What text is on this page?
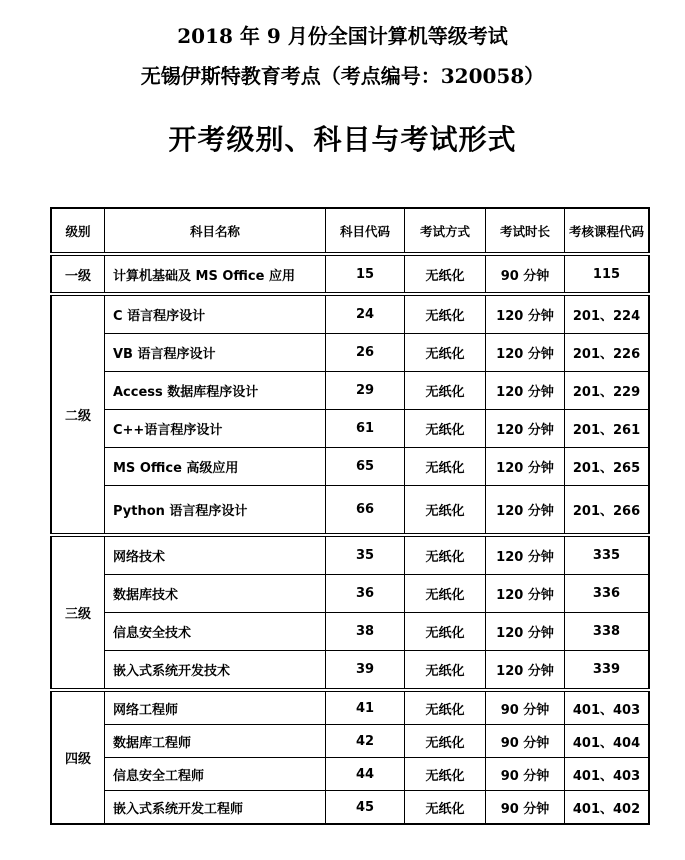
2018 年 9 月份全国计算机等级考试
无锡伊斯特教育考点（考点编号：320058）
开考级别、科目与考试形式
级别	科目名称	科目代码	考试方式	考试时长	考核课程代码
一级	计算机基础及 MS Office 应用	15	无纸化	90 分钟	115
二级	C 语言程序设计	24	无纸化	120 分钟	201、224
	VB 语言程序设计	26	无纸化	120 分钟	201、226
	Access 数据库程序设计	29	无纸化	120 分钟	201、229
	C++语言程序设计	61	无纸化	120 分钟	201、261
	MS Office 高级应用	65	无纸化	120 分钟	201、265
	Python 语言程序设计	66	无纸化	120 分钟	201、266
三级	网络技术	35	无纸化	120 分钟	335
	数据库技术	36	无纸化	120 分钟	336
	信息安全技术	38	无纸化	120 分钟	338
	嵌入式系统开发技术	39	无纸化	120 分钟	339
四级	网络工程师	41	无纸化	90 分钟	401、403
	数据库工程师	42	无纸化	90 分钟	401、404
	信息安全工程师	44	无纸化	90 分钟	401、403
	嵌入式系统开发工程师	45	无纸化	90 分钟	401、402
